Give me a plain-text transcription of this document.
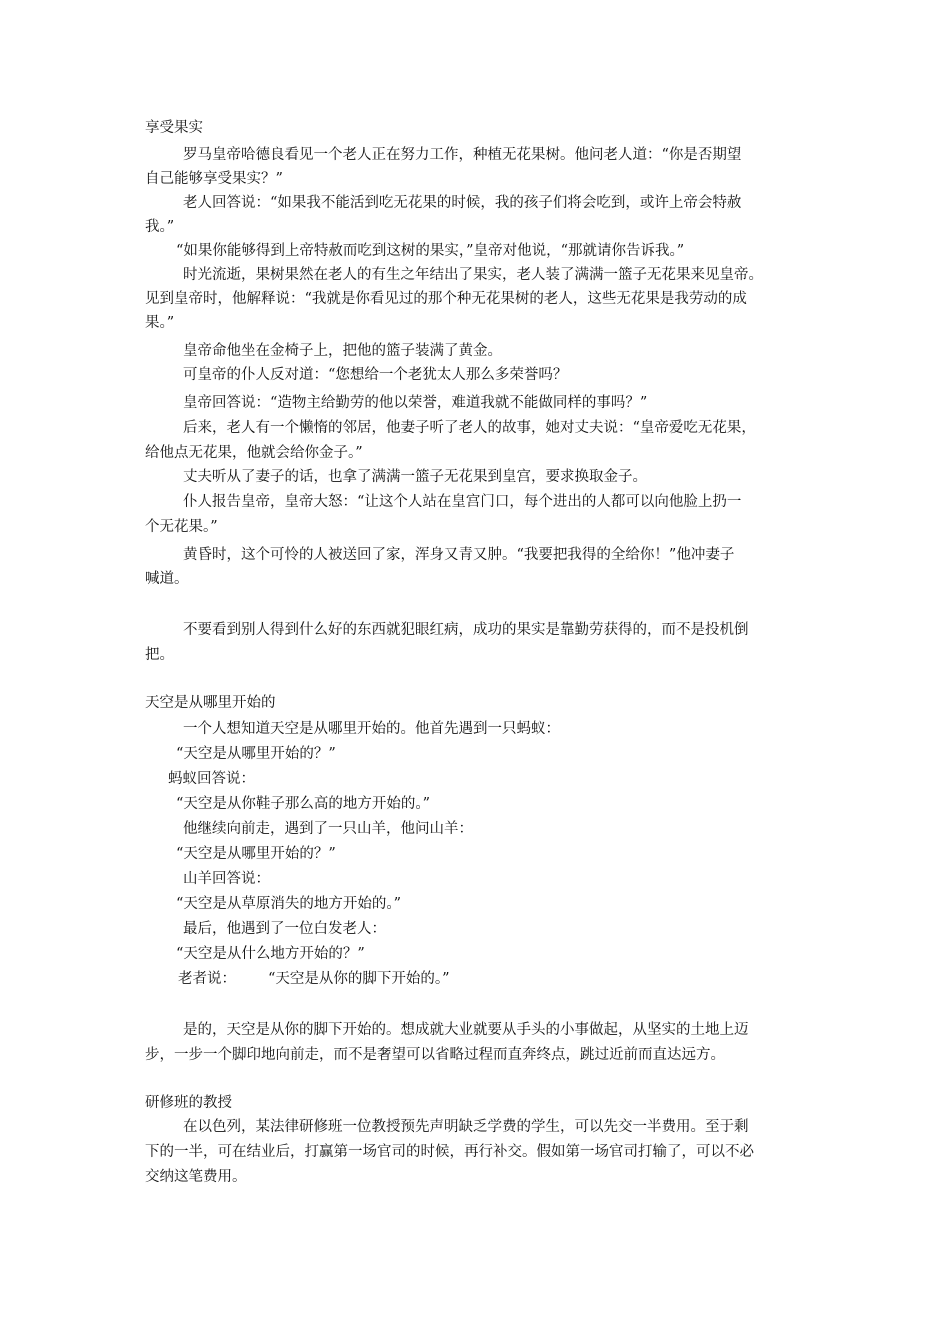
享受果实
罗马皇帝哈德良看见一个老人正在努力工作，种植无花果树。他问老人道：“你是否期望
自己能够享受果实？”
老人回答说：“如果我不能活到吃无花果的时候，我的孩子们将会吃到，或许上帝会特赦
我。”
“如果你能够得到上帝特赦而吃到这树的果实，”皇帝对他说，“那就请你告诉我。”
时光流逝，果树果然在老人的有生之年结出了果实，老人装了满满一篮子无花果来见皇帝。
见到皇帝时，他解释说：“我就是你看见过的那个种无花果树的老人，这些无花果是我劳动的成
果。”
皇帝命他坐在金椅子上，把他的篮子装满了黄金。
可皇帝的仆人反对道：“您想给一个老犹太人那么多荣誉吗？
皇帝回答说：“造物主给勤劳的他以荣誉，难道我就不能做同样的事吗？”
后来，老人有一个懒惰的邻居，他妻子听了老人的故事，她对丈夫说：“皇帝爱吃无花果，
给他点无花果，他就会给你金子。”
丈夫听从了妻子的话，也拿了满满一篮子无花果到皇宫，要求换取金子。
仆人报告皇帝，皇帝大怒：“让这个人站在皇宫门口，每个进出的人都可以向他脸上扔一
个无花果。”
黄昏时，这个可怜的人被送回了家，浑身又青又肿。“我要把我得的全给你！”他冲妻子
喊道。
不要看到别人得到什么好的东西就犯眼红病，成功的果实是靠勤劳获得的，而不是投机倒
把。
天空是从哪里开始的
一个人想知道天空是从哪里开始的。他首先遇到一只蚂蚁：
“天空是从哪里开始的？”
蚂蚁回答说：
“天空是从你鞋子那么高的地方开始的。”
他继续向前走，遇到了一只山羊，他问山羊：
“天空是从哪里开始的？”
山羊回答说：
“天空是从草原消失的地方开始的。”
最后，他遇到了一位白发老人：
“天空是从什么地方开始的？”
老者说： “天空是从你的脚下开始的。”
是的，天空是从你的脚下开始的。想成就大业就要从手头的小事做起，从坚实的土地上迈
步，一步一个脚印地向前走，而不是奢望可以省略过程而直奔终点，跳过近前而直达远方。
研修班的教授
在以色列，某法律研修班一位教授预先声明缺乏学费的学生，可以先交一半费用。至于剩
下的一半，可在结业后，打赢第一场官司的时候，再行补交。假如第一场官司打输了，可以不必
交纳这笔费用。
